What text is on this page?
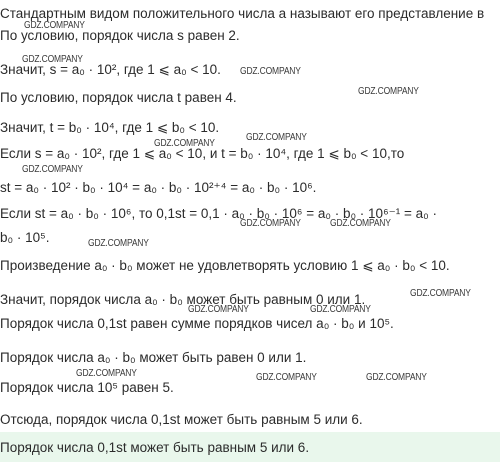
Стандартным видом положительного числа a называют его представление в
По условию, порядок числа s равен 2.
Значит, s = a₀ · 10², где 1 ⩽ a₀ < 10.
По условию, порядок числа t равен 4.
Значит, t = b₀ · 10⁴, где 1 ⩽ b₀ < 10.
Если s = a₀ · 10², где 1 ⩽ a₀ < 10, и t = b₀ · 10⁴, где 1 ⩽ b₀ < 10,то
st = a₀ · 10² · b₀ · 10⁴ = a₀ · b₀ · 10²⁺⁴ = a₀ · b₀ · 10⁶.
Если st = a₀ · b₀ · 10⁶, то 0,1st = 0,1 · a₀ · b₀ · 10⁶ = a₀ · b₀ · 10⁶⁻¹ = a₀ ·
b₀ · 10⁵.
Произведение a₀ · b₀ может не удовлетворять условию 1 ⩽ a₀ · b₀ < 10.
Значит, порядок числа a₀ · b₀ может быть равным 0 или 1.
Порядок числа 0,1st равен сумме порядков чисел a₀ · b₀ и 10⁵.
Порядок числа a₀ · b₀ может быть равен 0 или 1.
Порядок числа 10⁵ равен 5.
Отсюда, порядок числа 0,1st может быть равным 5 или 6.
Порядок числа 0,1st может быть равным 5 или 6.
GDZ.COMPANY
GDZ.COMPANY
GDZ.COMPANY
GDZ.COMPANY
GDZ.COMPANY
GDZ.COMPANY
GDZ.COMPANY
GDZ.COMPANY	GDZ.COMPANY
GDZ.COMPANY
GDZ.COMPANY
GDZ.COMPANY	GDZ.COMPANY
GDZ.COMPANY	GDZ.COMPANY	GDZ.COMPANY
